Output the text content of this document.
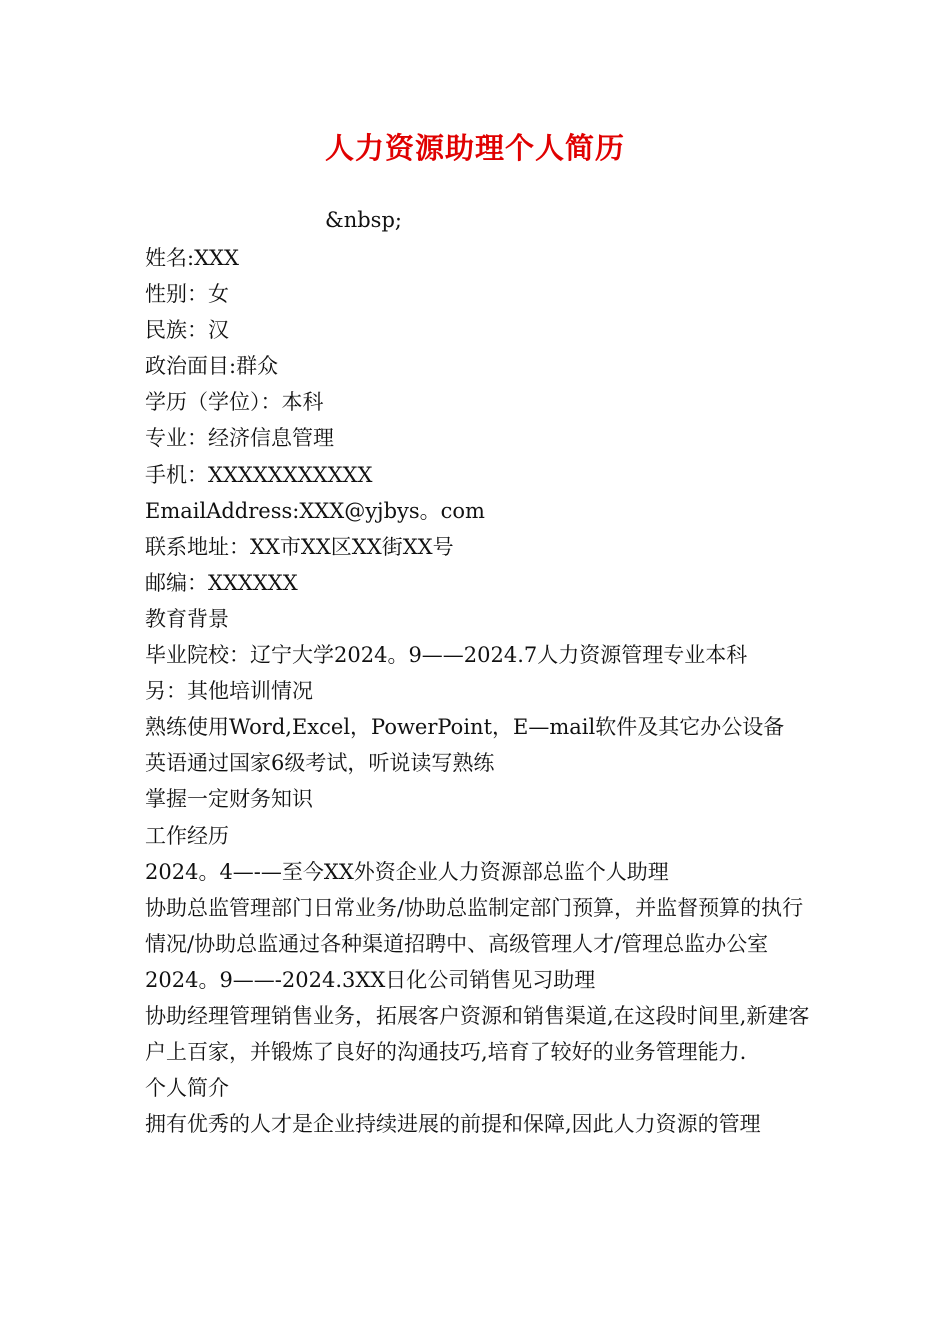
人力资源助理个人简历
&nbsp;

姓名:XXX

性别：女

民族：汉

政治面目:群众

学历（学位）：本科

专业：经济信息管理

手机：XXXXXXXXXXX

EmailAddress:XXX@yjbys。com

联系地址：XX市XX区XX街XX号

邮编：XXXXXX

教育背景

毕业院校：辽宁大学2024。9——2024.7人力资源管理专业本科

另：其他培训情况

熟练使用Word,Excel，PowerPoint，E—mail软件及其它办公设备

英语通过国家6级考试，听说读写熟练

掌握一定财务知识

工作经历

2024。4—-—至今XX外资企业人力资源部总监个人助理

协助总监管理部门日常业务/协助总监制定部门预算，并监督预算的执行情况/协助总监通过各种渠道招聘中、高级管理人才/管理总监办公室

2024。9——-2024.3XX日化公司销售见习助理

协助经理管理销售业务，拓展客户资源和销售渠道,在这段时间里,新建客户上百家，并锻炼了良好的沟通技巧,培育了较好的业务管理能力.

个人简介

拥有优秀的人才是企业持续进展的前提和保障,因此人力资源的管理
